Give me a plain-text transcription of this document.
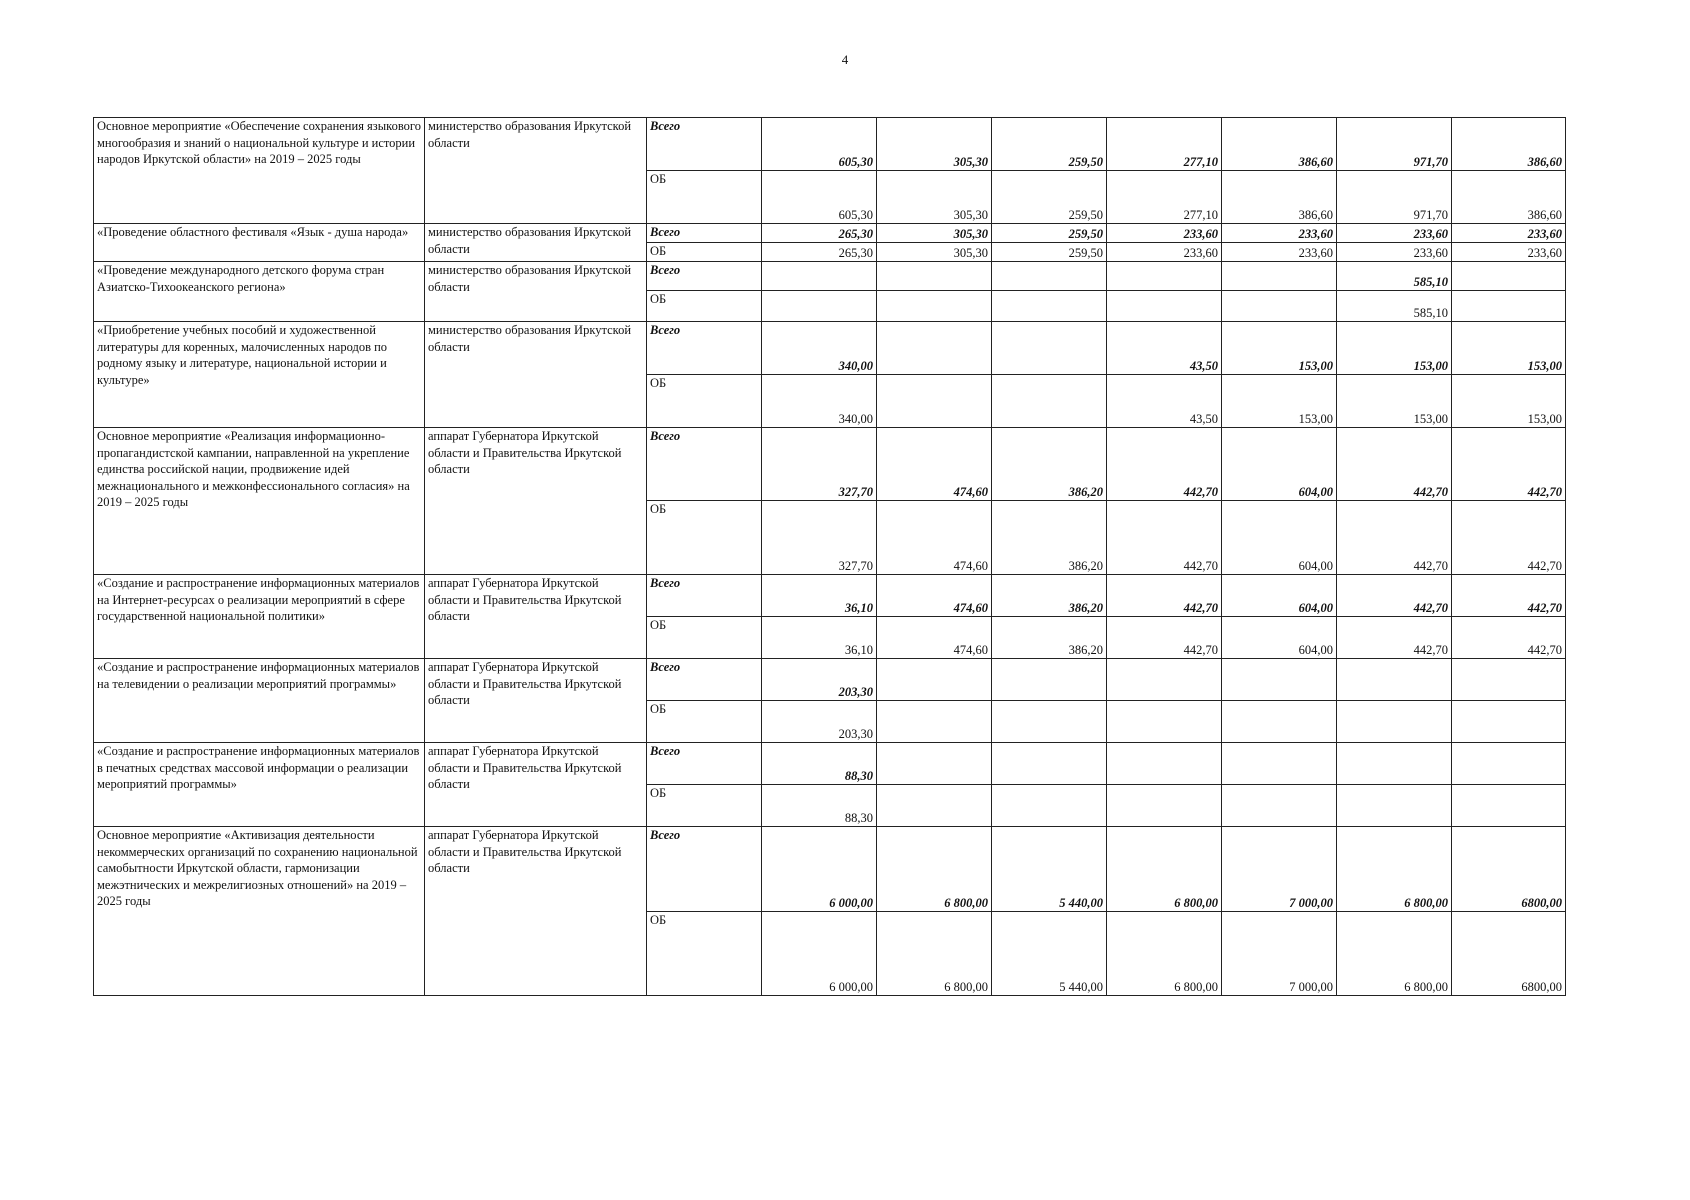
4
Основное мероприятие «Обеспечение сохранения языкового многообразия и знаний о национальной культуре и истории народов Иркутской области» на 2019 – 2025 годы	министерство образования Иркутской области	Всего	605,30	305,30	259,50	277,10	386,60	971,70	386,60
		ОБ	605,30	305,30	259,50	277,10	386,60	971,70	386,60
«Проведение областного фестиваля «Язык - душа народа»	министерство образования Иркутской области	Всего	265,30	305,30	259,50	233,60	233,60	233,60	233,60
		ОБ	265,30	305,30	259,50	233,60	233,60	233,60	233,60
«Проведение международного детского форума стран Азиатско-Тихоокеанского региона»	министерство образования Иркутской области	Всего						585,10	
		ОБ						585,10	
«Приобретение учебных пособий и художественной литературы для коренных, малочисленных народов по родному языку и литературе, национальной истории и культуре»	министерство образования Иркутской области	Всего	340,00			43,50	153,00	153,00	153,00
		ОБ	340,00			43,50	153,00	153,00	153,00
Основное мероприятие «Реализация информационно-пропагандистской кампании, направленной на укрепление единства российской нации, продвижение идей межнационального и межконфессионального согласия» на 2019 – 2025 годы	аппарат Губернатора Иркутской области и Правительства Иркутской области	Всего	327,70	474,60	386,20	442,70	604,00	442,70	442,70
		ОБ	327,70	474,60	386,20	442,70	604,00	442,70	442,70
«Создание и распространение информационных материалов на Интернет-ресурсах о реализации мероприятий в сфере государственной национальной политики»	аппарат Губернатора Иркутской области и Правительства Иркутской области	Всего	36,10	474,60	386,20	442,70	604,00	442,70	442,70
		ОБ	36,10	474,60	386,20	442,70	604,00	442,70	442,70
«Создание и распространение информационных материалов на телевидении о реализации мероприятий программы»	аппарат Губернатора Иркутской области и Правительства Иркутской области	Всего	203,30						
		ОБ	203,30						
«Создание и распространение информационных материалов в печатных средствах массовой информации о реализации мероприятий программы»	аппарат Губернатора Иркутской области и Правительства Иркутской области	Всего	88,30						
		ОБ	88,30						
Основное мероприятие «Активизация деятельности некоммерческих организаций по сохранению национальной самобытности Иркутской области, гармонизации межэтнических и межрелигиозных отношений» на 2019 – 2025 годы	аппарат Губернатора Иркутской области и Правительства Иркутской области	Всего	6 000,00	6 800,00	5 440,00	6 800,00	7 000,00	6 800,00	6800,00
		ОБ	6 000,00	6 800,00	5 440,00	6 800,00	7 000,00	6 800,00	6800,00
